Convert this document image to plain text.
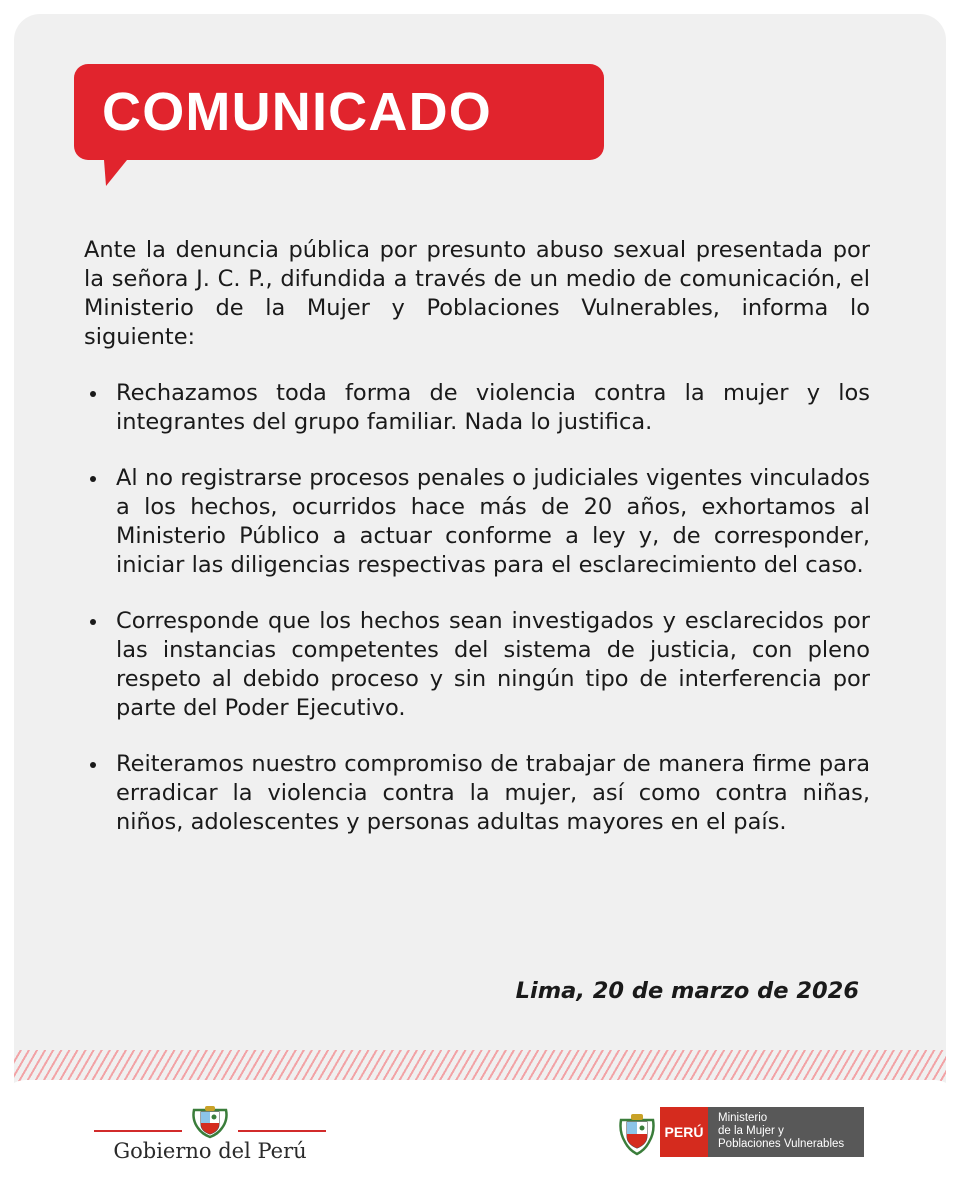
COMUNICADO

Ante la denuncia pública por presunto abuso sexual presentada por la señora J. C. P., difundida a través de un medio de comunicación, el Ministerio de la Mujer y Poblaciones Vulnerables, informa lo siguiente:

Rechazamos toda forma de violencia contra la mujer y los integrantes del grupo familiar. Nada lo justifica.
Al no registrarse procesos penales o judiciales vigentes vinculados a los hechos, ocurridos hace más de 20 años, exhortamos al Ministerio Público a actuar conforme a ley y, de corresponder, iniciar las diligencias respectivas para el esclarecimiento del caso.
Corresponde que los hechos sean investigados y esclarecidos por las instancias competentes del sistema de justicia, con pleno respeto al debido proceso y sin ningún tipo de interferencia por parte del Poder Ejecutivo.
Reiteramos nuestro compromiso de trabajar de manera firme para erradicar la violencia contra la mujer, así como contra niñas, niños, adolescentes y personas adultas mayores en el país.
Lima, 20 de marzo de 2026
Gobierno del Perú
PERÚ
Ministerio
de la Mujer y
Poblaciones Vulnerables
